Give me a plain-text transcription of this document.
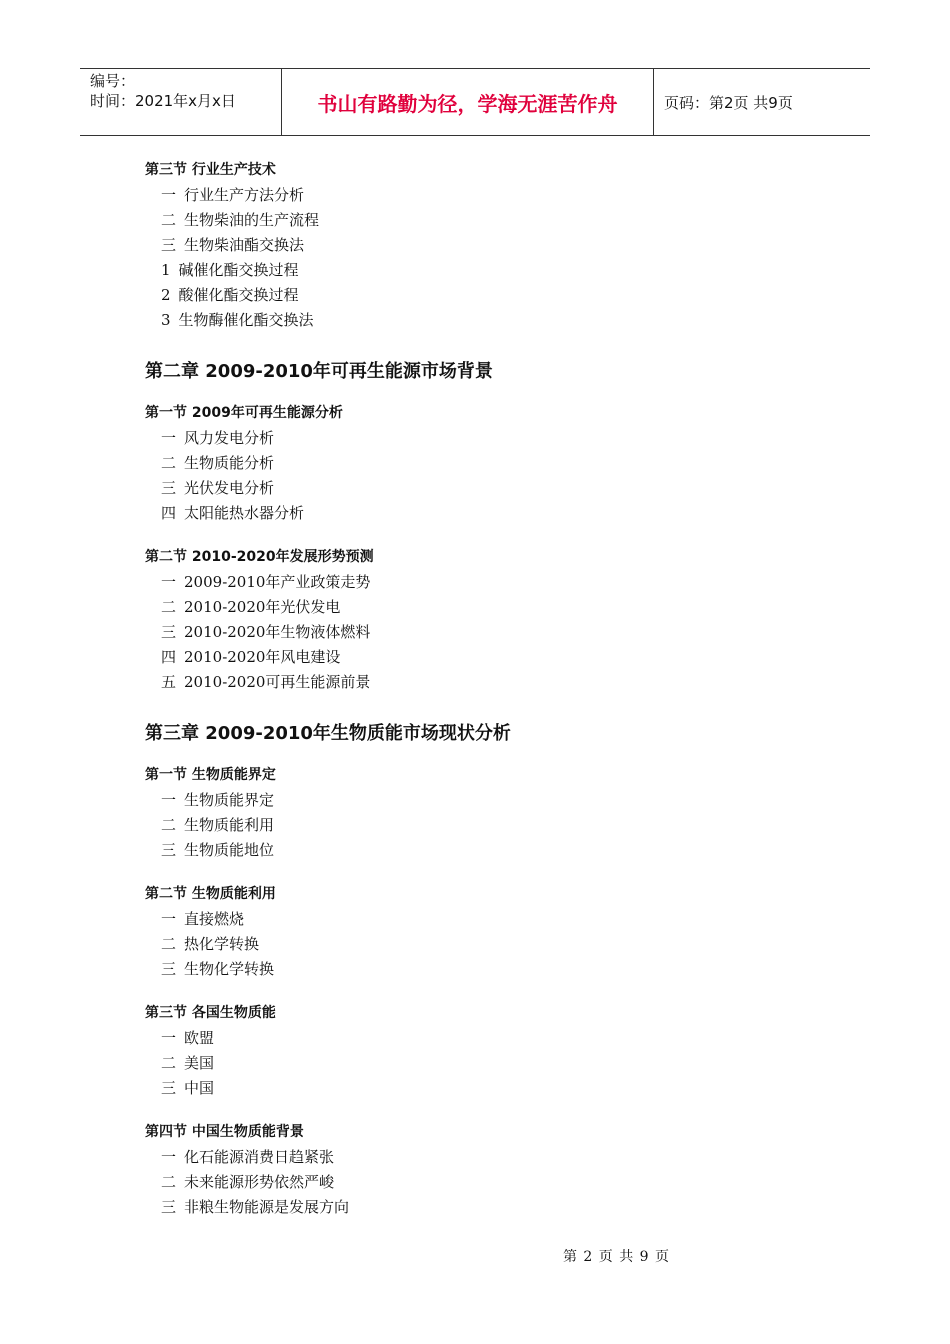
编号：
时间：2021年x月x日	书山有路勤为径，学海无涯苦作舟	页码：第2页 共9页
第三节 行业生产技术
一 行业生产方法分析
二 生物柴油的生产流程
三 生物柴油酯交换法
1 碱催化酯交换过程
2 酸催化酯交换过程
3 生物酶催化酯交换法
第二章 2009-2010年可再生能源市场背景
第一节 2009年可再生能源分析
一 风力发电分析
二 生物质能分析
三 光伏发电分析
四 太阳能热水器分析
第二节 2010-2020年发展形势预测
一 2009-2010年产业政策走势
二 2010-2020年光伏发电
三 2010-2020年生物液体燃料
四 2010-2020年风电建设
五 2010-2020可再生能源前景
第三章 2009-2010年生物质能市场现状分析
第一节 生物质能界定
一 生物质能界定
二 生物质能利用
三 生物质能地位
第二节 生物质能利用
一 直接燃烧
二 热化学转换
三 生物化学转换
第三节 各国生物质能
一 欧盟
二 美国
三 中国
第四节 中国生物质能背景
一 化石能源消费日趋紧张
二 未来能源形势依然严峻
三 非粮生物能源是发展方向
第 2 页 共 9 页
